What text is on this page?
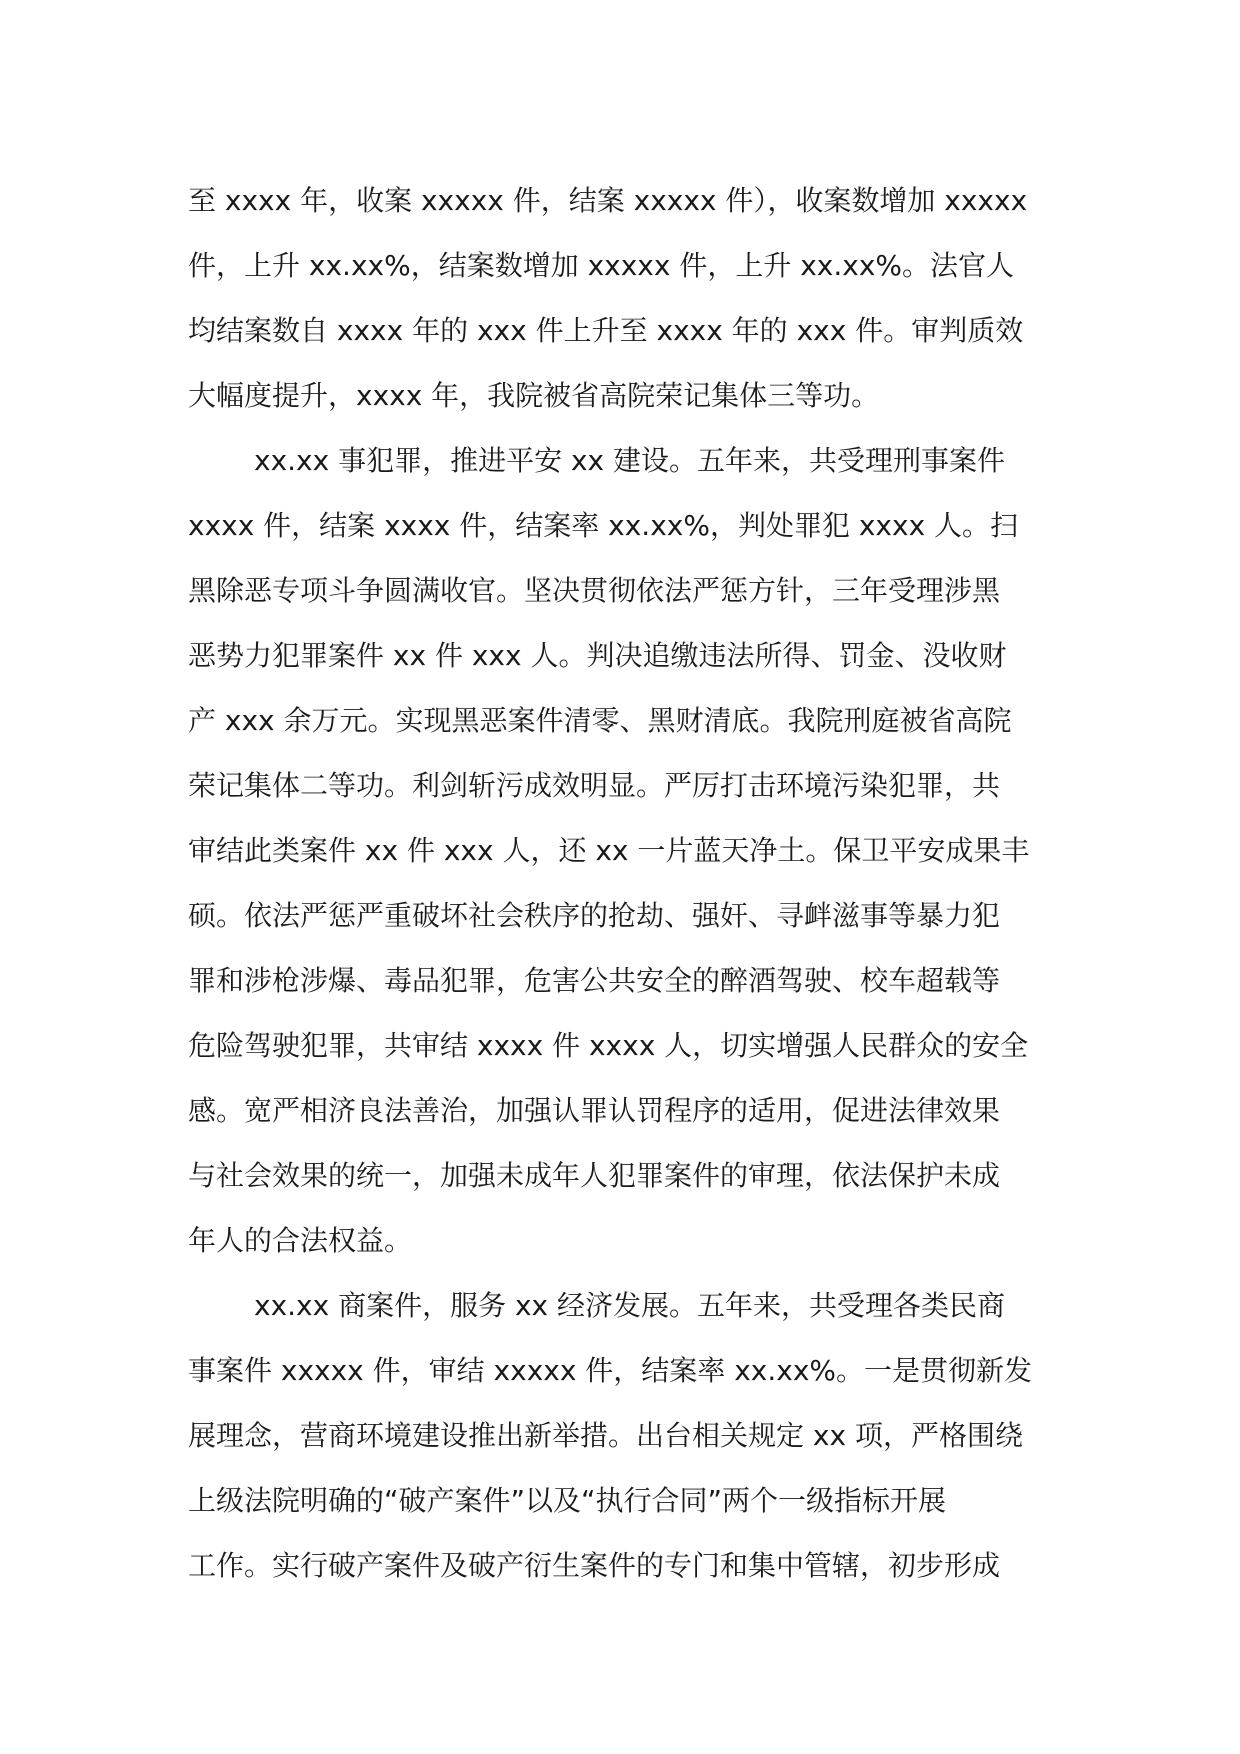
至 xxxx 年，收案 xxxxx 件，结案 xxxxx 件），收案数增加 xxxxx
件，上升 xx.xx%，结案数增加 xxxxx 件，上升 xx.xx%。法官人
均结案数自 xxxx 年的 xxx 件上升至 xxxx 年的 xxx 件。审判质效
大幅度提升，xxxx 年，我院被省高院荣记集体三等功。
xx.xx 事犯罪，推进平安 xx 建设。五年来，共受理刑事案件
xxxx 件，结案 xxxx 件，结案率 xx.xx%，判处罪犯 xxxx 人。扫
黑除恶专项斗争圆满收官。坚决贯彻依法严惩方针，三年受理涉黑
恶势力犯罪案件 xx 件 xxx 人。判决追缴违法所得、罚金、没收财
产 xxx 余万元。实现黑恶案件清零、黑财清底。我院刑庭被省高院
荣记集体二等功。利剑斩污成效明显。严厉打击环境污染犯罪，共
审结此类案件 xx 件 xxx 人，还 xx 一片蓝天净土。保卫平安成果丰
硕。依法严惩严重破坏社会秩序的抢劫、强奸、寻衅滋事等暴力犯
罪和涉枪涉爆、毒品犯罪，危害公共安全的醉酒驾驶、校车超载等
危险驾驶犯罪，共审结 xxxx 件 xxxx 人，切实增强人民群众的安全
感。宽严相济良法善治，加强认罪认罚程序的适用，促进法律效果
与社会效果的统一，加强未成年人犯罪案件的审理，依法保护未成
年人的合法权益。
xx.xx 商案件，服务 xx 经济发展。五年来，共受理各类民商
事案件 xxxxx 件，审结 xxxxx 件，结案率 xx.xx%。一是贯彻新发
展理念，营商环境建设推出新举措。出台相关规定 xx 项，严格围绕
上级法院明确的“破产案件”以及“执行合同”两个一级指标开展
工作。实行破产案件及破产衍生案件的专门和集中管辖，初步形成
